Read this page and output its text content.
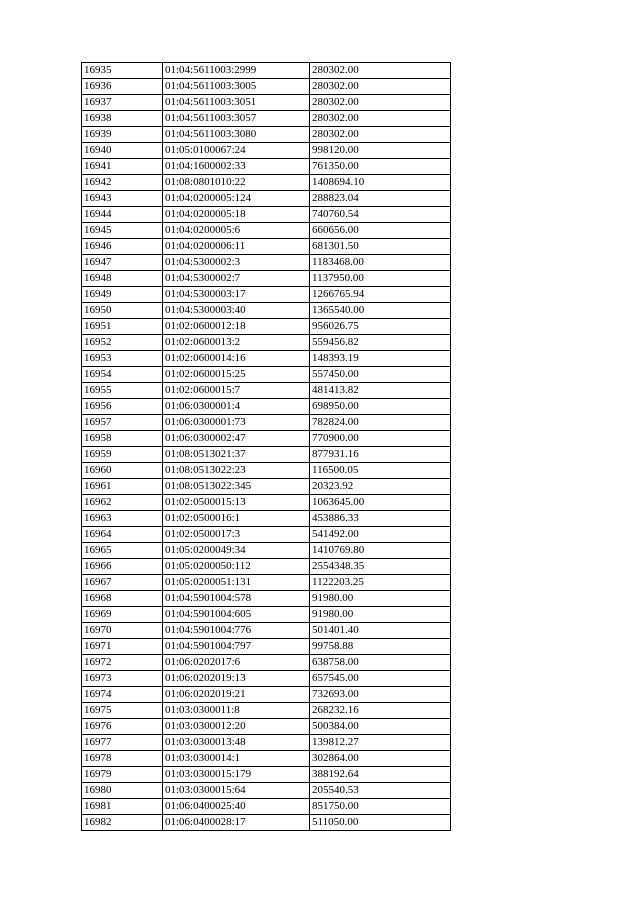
16935	01:04:5611003:2999	280302.00
16936	01:04:5611003:3005	280302.00
16937	01:04:5611003:3051	280302.00
16938	01:04:5611003:3057	280302.00
16939	01:04:5611003:3080	280302.00
16940	01:05:0100067:24	998120.00
16941	01:04:1600002:33	761350.00
16942	01:08:0801010:22	1408694.10
16943	01:04:0200005:124	288823.04
16944	01:04:0200005:18	740760.54
16945	01:04:0200005:6	660656.00
16946	01:04:0200006:11	681301.50
16947	01:04:5300002:3	1183468.00
16948	01:04:5300002:7	1137950.00
16949	01:04:5300003:17	1266765.94
16950	01:04:5300003:40	1365540.00
16951	01:02:0600012:18	956026.75
16952	01:02:0600013:2	559456.82
16953	01:02:0600014:16	148393.19
16954	01:02:0600015:25	557450.00
16955	01:02:0600015:7	481413.82
16956	01:06:0300001:4	698950.00
16957	01:06:0300001:73	782824.00
16958	01:06:0300002:47	770900.00
16959	01:08:0513021:37	877931.16
16960	01:08:0513022:23	116500.05
16961	01:08:0513022:345	20323.92
16962	01:02:0500015:13	1063645.00
16963	01:02:0500016:1	453886.33
16964	01:02:0500017:3	541492.00
16965	01:05:0200049:34	1410769.80
16966	01:05:0200050:112	2554348.35
16967	01:05:0200051:131	1122203.25
16968	01:04:5901004:578	91980.00
16969	01:04:5901004:605	91980.00
16970	01:04:5901004:776	501401.40
16971	01:04:5901004:797	99758.88
16972	01:06:0202017:6	638758.00
16973	01:06:0202019:13	657545.00
16974	01:06:0202019:21	732693.00
16975	01:03:0300011:8	268232.16
16976	01:03:0300012:20	500384.00
16977	01:03:0300013:48	139812.27
16978	01:03:0300014:1	302864.00
16979	01:03:0300015:179	388192.64
16980	01:03:0300015:64	205540.53
16981	01:06:0400025:40	851750.00
16982	01:06:0400028:17	511050.00
